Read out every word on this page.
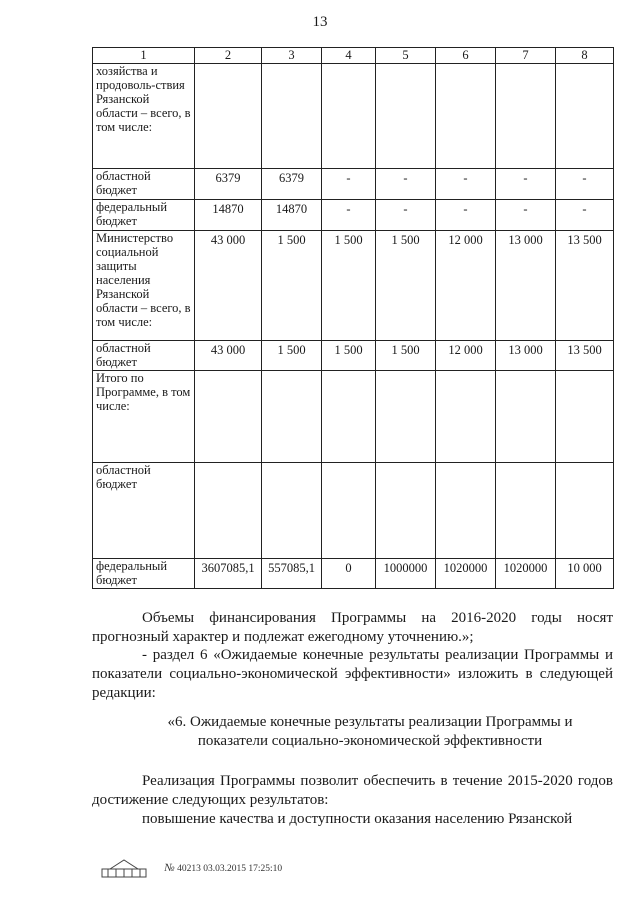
13
1	2	3	4	5	6	7	8
хозяйства и продоволь-ствия Рязанской области – всего, в том числе:							
областной бюджет	6379	6379	-	-	-	-	-
федеральный бюджет	14870	14870	-	-	-	-	-
Министерство социальной защиты населения Рязанской области – всего, в том числе:	43 000	1 500	1 500	1 500	12 000	13 000	13 500
областной бюджет	43 000	1 500	1 500	1 500	12 000	13 000	13 500
Итого по Программе, в том числе:	

областной бюджет	

федеральный бюджет	3607085,1	557085,1	0	1000000	1020000	1020000	10 000
Объемы финансирования Программы на 2016-2020 годы носят прогнозный характер и подлежат ежегодному уточнению.»;
- раздел 6 «Ожидаемые конечные результаты реализации Программы и показатели социально-экономической эффективности» изложить в следующей редакции:
«6. Ожидаемые конечные результаты реализации Программы и показатели социально-экономической эффективности
Реализация Программы позволит обеспечить в течение 2015-2020 годов достижение следующих результатов:
повышение качества и доступности оказания населению Рязанской
№ 40213 03.03.2015 17:25:10
